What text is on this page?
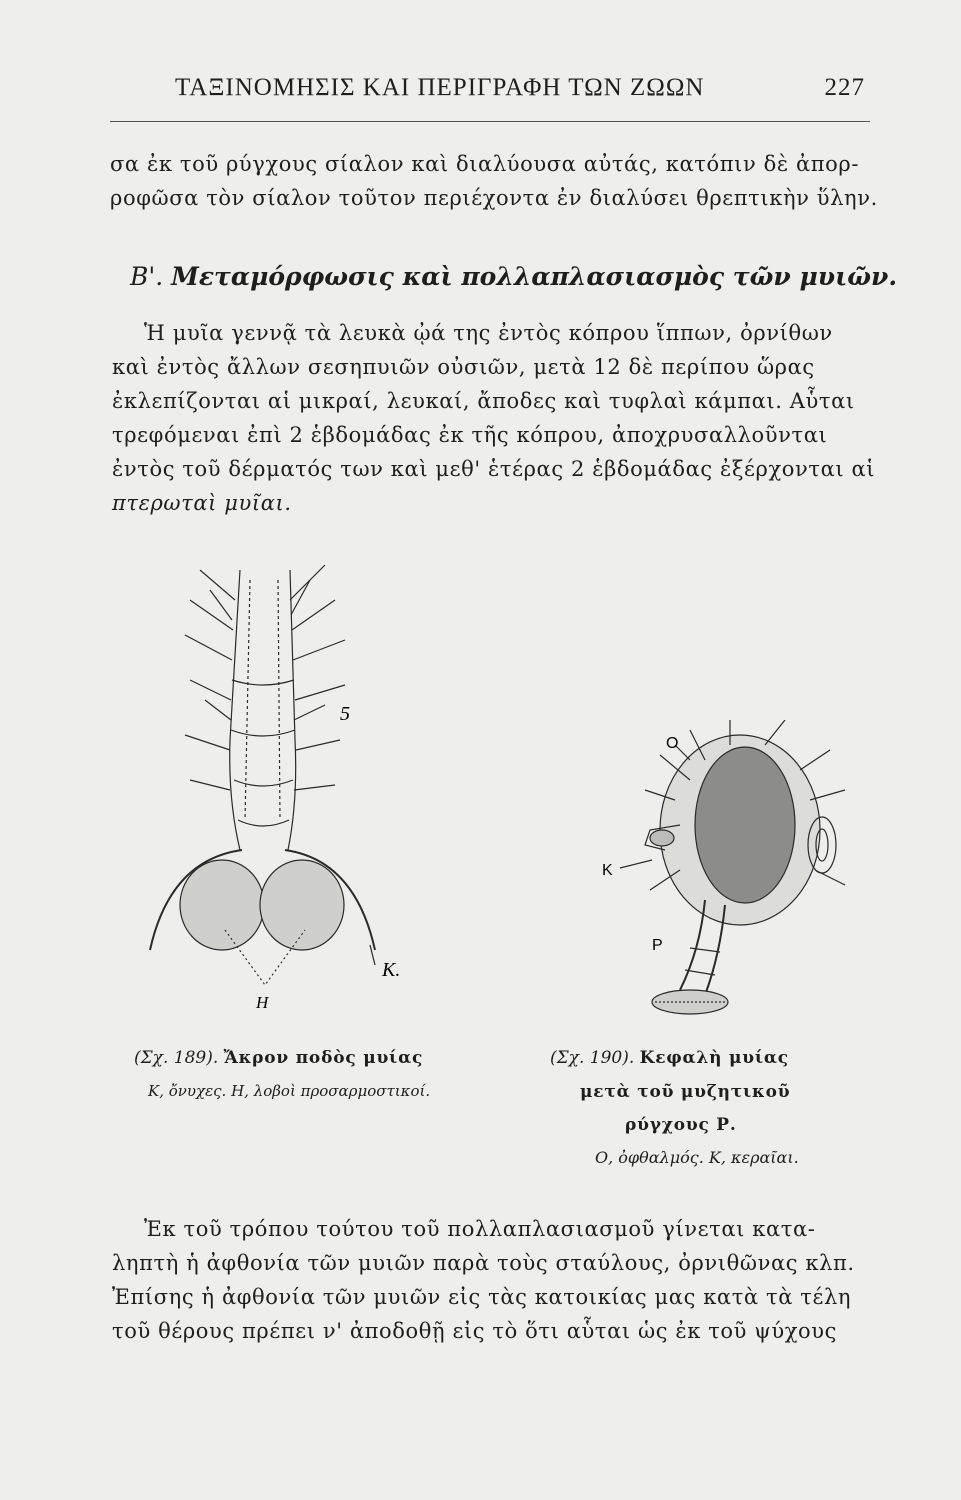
ΤΑΞΙΝΟΜΗΣΙΣ ΚΑΙ ΠΕΡΙΓΡΑΦΗ ΤΩΝ ΖΩΩΝ	227
σα ἐκ τοῦ ρύγχους σίαλον καὶ διαλύουσα αὐτάς, κατόπιν δὲ ἀπορ-
ροφῶσα τὸν σίαλον τοῦτον περιέχοντα ἐν διαλύσει θρεπτικὴν ὕλην.
Β'. Μεταμόρφωσις καὶ πολλαπλασιασμὸς τῶν μυιῶν.
Ἡ μυῖα γεννᾷ τὰ λευκὰ ᾠά της ἐντὸς κόπρου ἵππων, ὀρνίθων
καὶ ἐντὸς ἄλλων σεσηπυιῶν οὐσιῶν, μετὰ 12 δὲ περίπου ὥρας
ἐκλεπίζονται αἱ μικραί, λευκαί, ἄποδες καὶ τυφλαὶ κάμπαι. Αὗται
τρεφόμεναι ἐπὶ 2 ἑβδομάδας ἐκ τῆς κόπρου, ἀποχρυσαλλοῦνται
ἐντὸς τοῦ δέρματός των καὶ μεθ' ἑτέρας 2 ἑβδομάδας ἐξέρχονται αἱ
πτερωταὶ μυῖαι.
5
Κ.
Η
Ο
Κ
Ρ
(Σχ. 189). Ἄκρον ποδὸς μυίας
Κ, ὄνυχες. Η, λοβοὶ προσαρμοστικοί.
(Σχ. 190). Κεφαλὴ μυίας
μετὰ τοῦ μυζητικοῦ
ρύγχους Ρ.
Ο, ὀφθαλμός. Κ, κεραῖαι.
Ἐκ τοῦ τρόπου τούτου τοῦ πολλαπλασιασμοῦ γίνεται κατα-
ληπτὴ ἡ ἀφθονία τῶν μυιῶν παρὰ τοὺς σταύλους, ὀρνιθῶνας κλπ.
Ἐπίσης ἡ ἀφθονία τῶν μυιῶν εἰς τὰς κατοικίας μας κατὰ τὰ τέλη
τοῦ θέρους πρέπει ν' ἀποδοθῇ εἰς τὸ ὅτι αὗται ὡς ἐκ τοῦ ψύχους
